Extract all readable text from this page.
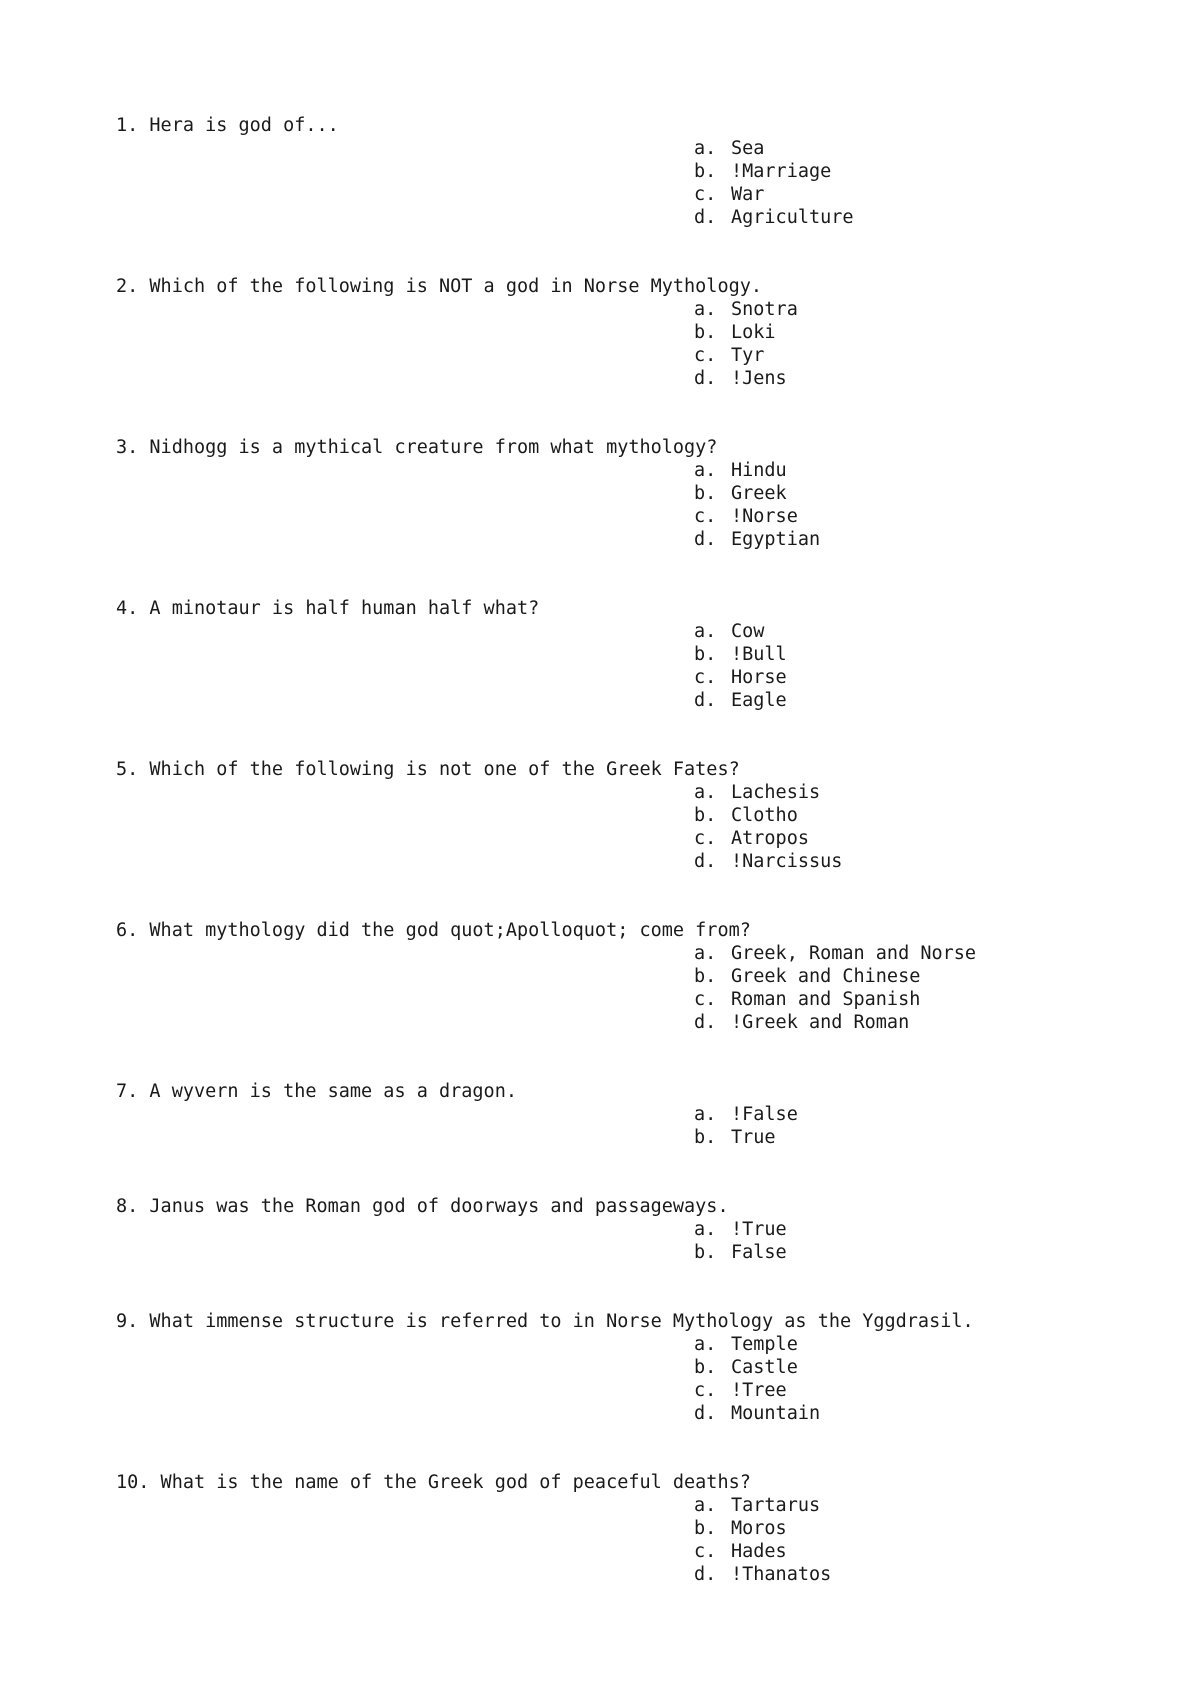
1. Hera is god of...
a. Sea
b. !Marriage
c. War
d. Agriculture
2. Which of the following is NOT a god in Norse Mythology.
a. Snotra
b. Loki
c. Tyr
d. !Jens
3. Nidhogg is a mythical creature from what mythology?
a. Hindu
b. Greek
c. !Norse
d. Egyptian
4. A minotaur is half human half what?
a. Cow
b. !Bull
c. Horse
d. Eagle
5. Which of the following is not one of the Greek Fates?
a. Lachesis
b. Clotho
c. Atropos
d. !Narcissus
6. What mythology did the god quot;Apolloquot; come from?
a. Greek, Roman and Norse
b. Greek and Chinese
c. Roman and Spanish
d. !Greek and Roman
7. A wyvern is the same as a dragon.
a. !False
b. True
8. Janus was the Roman god of doorways and passageways.
a. !True
b. False
9. What immense structure is referred to in Norse Mythology as the Yggdrasil.
a. Temple
b. Castle
c. !Tree
d. Mountain
10. What is the name of the Greek god of peaceful deaths?
a. Tartarus
b. Moros
c. Hades
d. !Thanatos
